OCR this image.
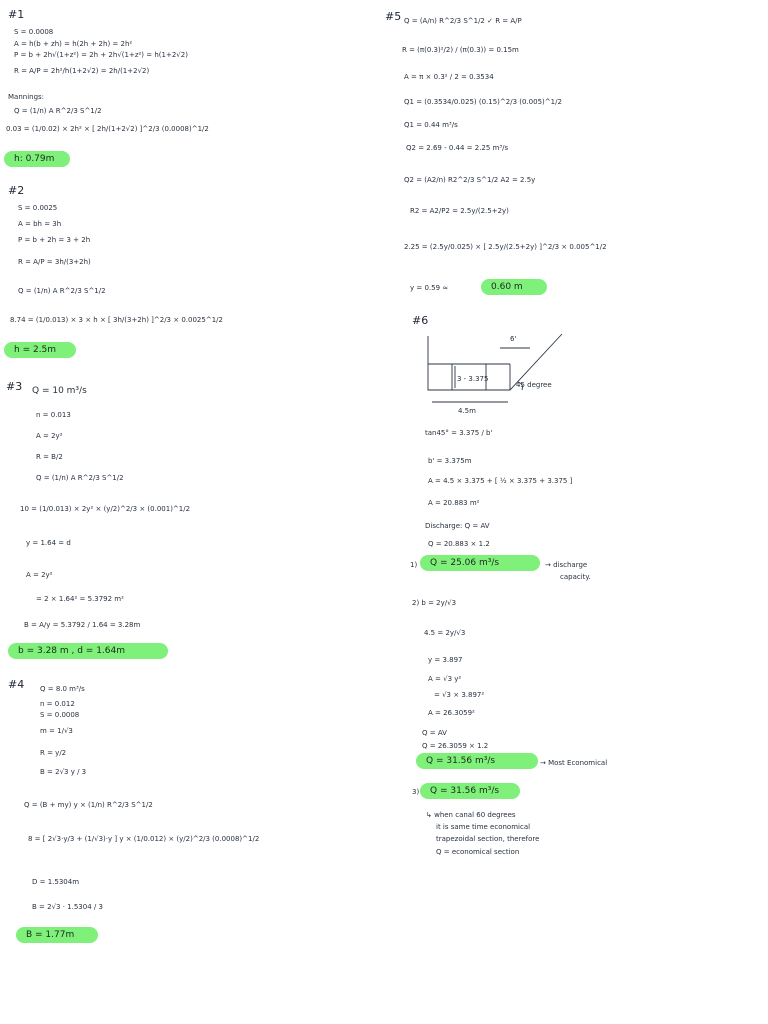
#1
S = 0.0008
A = h(b + zh) = h(2h + 2h) = 2h²
P = b + 2h√(1+z²) = 2h + 2h√(1+z²) = h(1+2√2)
R = A/P = 2h²/h(1+2√2) = 2h/(1+2√2)
Mannings:
Q = (1/n) A R^2/3 S^1/2
0.03 = (1/0.02) × 2h² × [ 2h/(1+2√2) ]^2/3 (0.0008)^1/2
h: 0.79m
#2
S = 0.0025
A = bh = 3h
P = b + 2h = 3 + 2h
R = A/P = 3h/(3+2h)
Q = (1/n) A R^2/3 S^1/2
8.74 = (1/0.013) × 3 × h × [ 3h/(3+2h) ]^2/3 × 0.0025^1/2
h = 2.5m
#3 Q = 10 m³/s
n = 0.013
A = 2y²
R = B/2
Q = (1/n) A R^2/3 S^1/2
10 = (1/0.013) × 2y² × (y/2)^2/3 × (0.001)^1/2
y = 1.64 = d
A = 2y²
= 2 × 1.64² = 5.3792 m²
B = A/y = 5.3792 / 1.64 = 3.28m
b = 3.28 m , d = 1.64m
#4 Q = 8.0 m³/s
n = 0.012
S = 0.0008
m = 1/√3
R = y/2
B = 2√3 y / 3
Q = (B + my) y × (1/n) R^2/3 S^1/2
8 = [ 2√3·y/3 + (1/√3)·y ] y × (1/0.012) × (y/2)^2/3 (0.0008)^1/2
D = 1.5304m
B = 2√3 · 1.5304 / 3
B = 1.77m
#5 Q = (A/n) R^2/3 S^1/2 ✓ R = A/P
R = (π(0.3)²/2) / (π(0.3)) = 0.15m
A = π × 0.3² / 2 = 0.3534
Q1 = (0.3534/0.025) (0.15)^2/3 (0.005)^1/2
Q1 = 0.44 m³/s
Q2 = 2.69 - 0.44 = 2.25 m³/s
Q2 = (A2/n) R2^2/3 S^1/2 A2 = 2.5y
R2 = A2/P2 = 2.5y/(2.5+2y)
2.25 = (2.5y/0.025) × [ 2.5y/(2.5+2y) ]^2/3 × 0.005^1/2
y = 0.59 ≈	0.60 m
#6
6'
3 - 3.375
45 degree
4.5m
tan45° = 3.375 / b'
b' = 3.375m
A = 4.5 × 3.375 + [ ½ × 3.375 + 3.375 ]
A = 20.883 m²
Discharge: Q = AV
Q = 20.883 × 1.2
1)	Q = 25.06 m³/s	→ discharge
capacity.
2) b = 2y/√3
4.5 = 2y/√3
y = 3.897
A = √3 y²
= √3 × 3.897²
A = 26.3059²
Q = AV
Q = 26.3059 × 1.2
Q = 31.56 m³/s	→ Most Economical
3)	Q = 31.56 m³/s
↳ when canal 60 degrees
it is same time economical
trapezoidal section, therefore
Q = economical section
